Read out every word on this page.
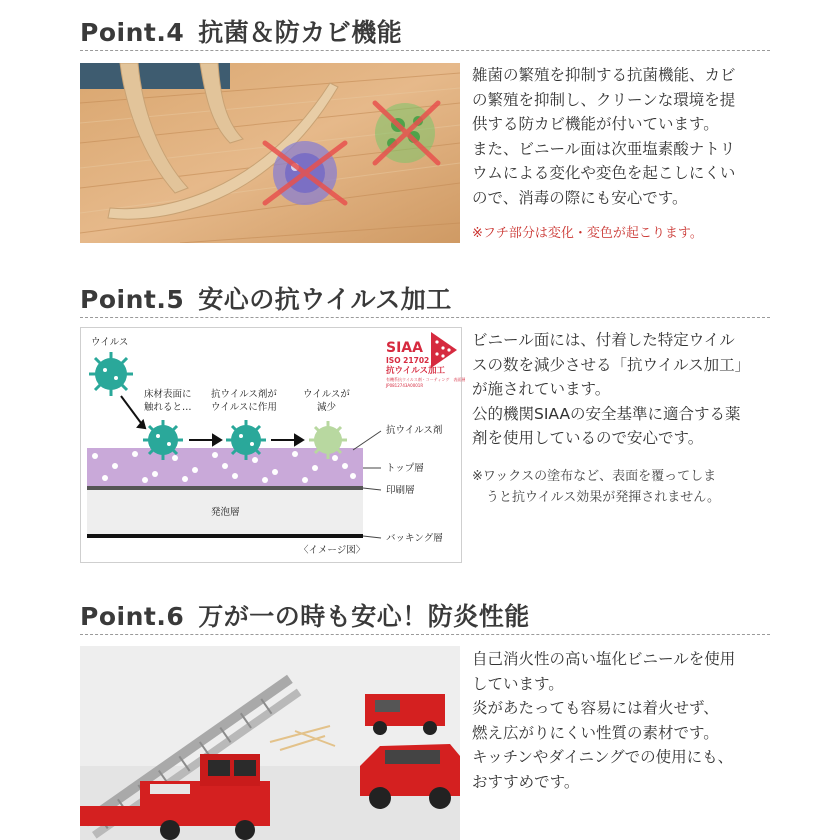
Point.4 抗菌＆防カビ機能

雑菌の繁殖を抑制する抗菌機能、カビ

の繁殖を抑制し、クリーンな環境を提

供する防カビ機能が付いています。

また、ビニール面は次亜塩素酸ナトリ

ウムによる変化や変色を起こしにくい

ので、消毒の際にも安心です。

※フチ部分は変化・変色が起こります。
Point.5 安心の抗ウイルス加工
ウイルス
床材表面に
触れると…
抗ウイルス剤が
ウイルスに作用
ウイルスが
減少
SIAA
ISO 21702
抗ウイルス加工
有機系抗ウイルス剤・コーティング　表面層
JP0812743A0001R
抗ウイルス剤
トップ層
印刷層
バッキング層
発泡層
〈イメージ図〉

ビニール面には、付着した特定ウイル

スの数を減少させる「抗ウイルス加工」

が施されています。

公的機関SIAAの安全基準に適合する薬

剤を使用しているので安心です。

※ワックスの塗布など、表面を覆ってしま
うと抗ウイルス効果が発揮されません。
Point.6 万が一の時も安心！防炎性能

自己消火性の高い塩化ビニールを使用

しています。

炎があたっても容易には着火せず、

燃え広がりにくい性質の素材です。

キッチンやダイニングでの使用にも、

おすすめです。
